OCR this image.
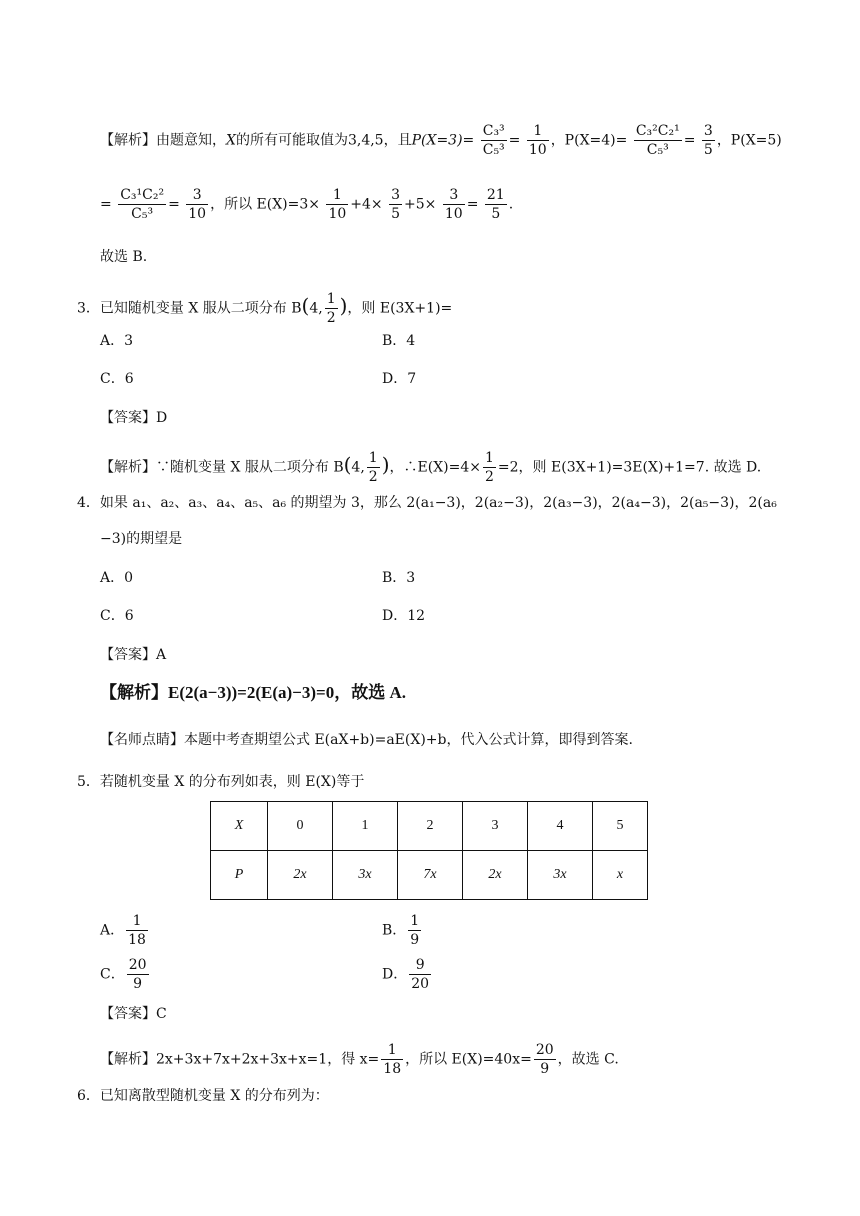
【解析】由题意知，X的所有可能取值为3,4,5，且$P(X=3)= \frac{\text{C₃³}}{\text{C₅³}} = \frac{1}{10}$ ，$P(X=4)= \frac{\text{C₃²C₂¹}}{\text{C₅³}} = \frac{3}{5}$ ，P(X=5)
= $\frac{\text{C₃¹C₂²}}{\text{C₅³}} = \frac{3}{10}$ ，所以 $E(X)=3\times \frac{1}{10} +4\times \frac{3}{5} +5\times \frac{3}{10} = \frac{21}{5}$ .
故选 B.
3．已知随机变量 X 服从二项分布 B(4, $\frac{1}{2}$ )，则 E(3X+1)=
A．3	B．4
C．6	D．7
【答案】D
【解析】∵随机变量 X 服从二项分布 B(4, $\frac{1}{2}$ )，∴E(X)=4× $\frac{1}{2} =2$，则 E(3X+1)=3E(X)+1=7. 故选 D.
4．如果 a₁、a₂、a₃、a₄、a₅、a₆ 的期望为 3，那么 2(a₁−3)，2(a₂−3)，2(a₃−3)，2(a₄−3)，2(a₅−3)，2(a₆
−3)的期望是
A．0	B．3
C．6	D．12
【答案】A
【解析】E(2(a−3))=2(E(a)−3)=0，故选 A.
【名师点睛】本题中考查期望公式 E(aX+b)=aE(X)+b，代入公式计算，即得到答案.
5．若随机变量 X 的分布列如表，则 E(X)等于
X	0	1	2	3	4	5
P	2x	3x	7x	2x	3x	x
A． $\frac{1}{18}$	B． $\frac{1}{9}$
C． $\frac{20}{9}$	D． $\frac{9}{20}$
【答案】C
【解析】2x+3x+7x+2x+3x+x=1，得 $x= \frac{1}{18}$ ，所以 $E(X)=40x= \frac{20}{9}$ ，故选 C.
6．已知离散型随机变量 X 的分布列为：
